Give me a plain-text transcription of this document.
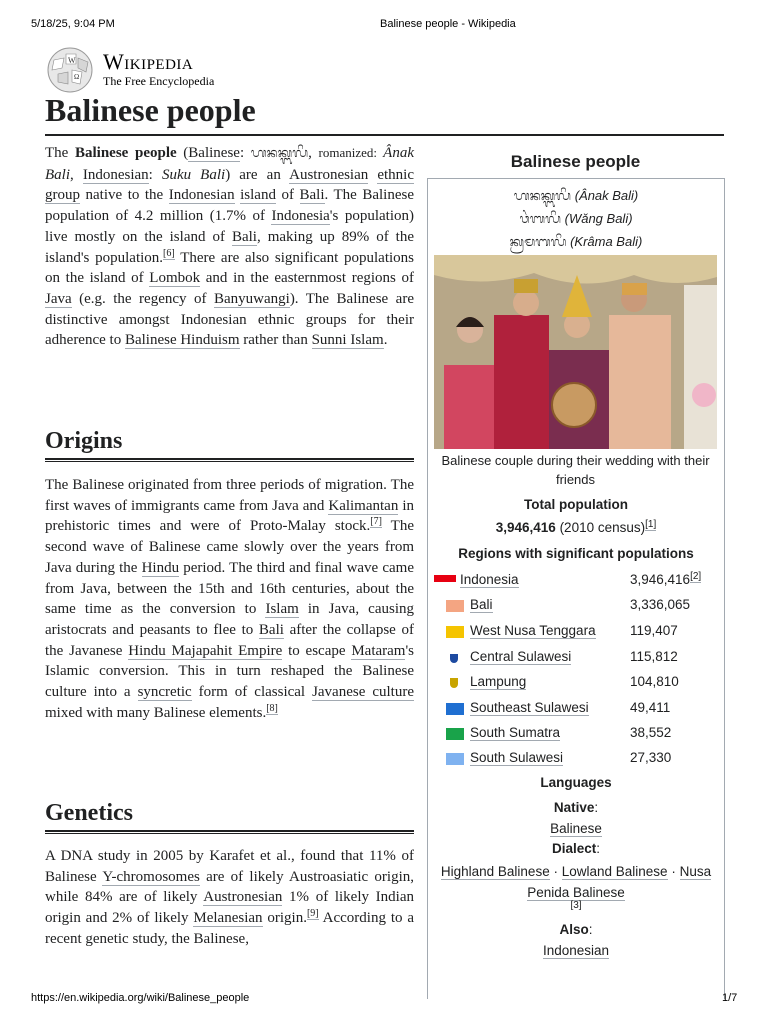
5/18/25, 9:04 PM	Balinese people - Wikipedia
W
Ω
Wikipedia
The Free Encyclopedia
Balinese people

The Balinese people (Balinese: ᬳᬦᬓ᭄ᬩᬮᬶ, romanized: Ânak Bali, Indonesian: Suku Bali) are an Austronesian ethnic group native to the Indonesian island of Bali. The Balinese population of 4.2 million (1.7% of Indonesia's population) live mostly on the island of Bali, making up 89% of the island's population.[6] There are also significant populations on the island of Lombok and in the easternmost regions of Java (e.g. the regency of Banyuwangi). The Balinese are distinctive amongst Indonesian ethnic groups for their adherence to Balinese Hinduism rather than Sunni Islam.

Origins

The Balinese originated from three periods of migration. The first waves of immigrants came from Java and Kalimantan in prehistoric times and were of Proto-Malay stock.[7] The second wave of Balinese came slowly over the years from Java during the Hindu period. The third and final wave came from Java, between the 15th and 16th centuries, about the same time as the conversion to Islam in Java, causing aristocrats and peasants to flee to Bali after the collapse of the Javanese Hindu Majapahit Empire to escape Mataram's Islamic conversion. This in turn reshaped the Balinese culture into a syncretic form of classical Javanese culture mixed with many Balinese elements.[8]

Genetics

A DNA study in 2005 by Karafet et al., found that 11% of Balinese Y-chromosomes are of likely Austroasiatic origin, while 84% are of likely Austronesian 1% of likely Indian origin and 2% of likely Melanesian origin.[9] According to a recent genetic study, the Balinese,

Balinese people
ᬳᬦᬓ᭄ᬩᬮᬶ (Ânak Bali)
ᬯᬂᬩᬮᬶ (Wǎng Bali)
ᬓ᭄ᬭᬫᬩᬮᬶ (Krâma Bali)
Balinese couple during their wedding with their friends
Total population
3,946,416 (2010 census)[1]
Regions with significant populations
Indonesia	3,946,416[2]
Bali	3,336,065
West Nusa Tenggara	119,407
Central Sulawesi	115,812
Lampung	104,810
Southeast Sulawesi	49,411
South Sumatra	38,552
South Sulawesi	27,330
Languages
Native:
Balinese
Dialect:
Highland Balinese · Lowland Balinese · Nusa Penida Balinese
[3]
Also:
Indonesian
https://en.wikipedia.org/wiki/Balinese_people	1/7
